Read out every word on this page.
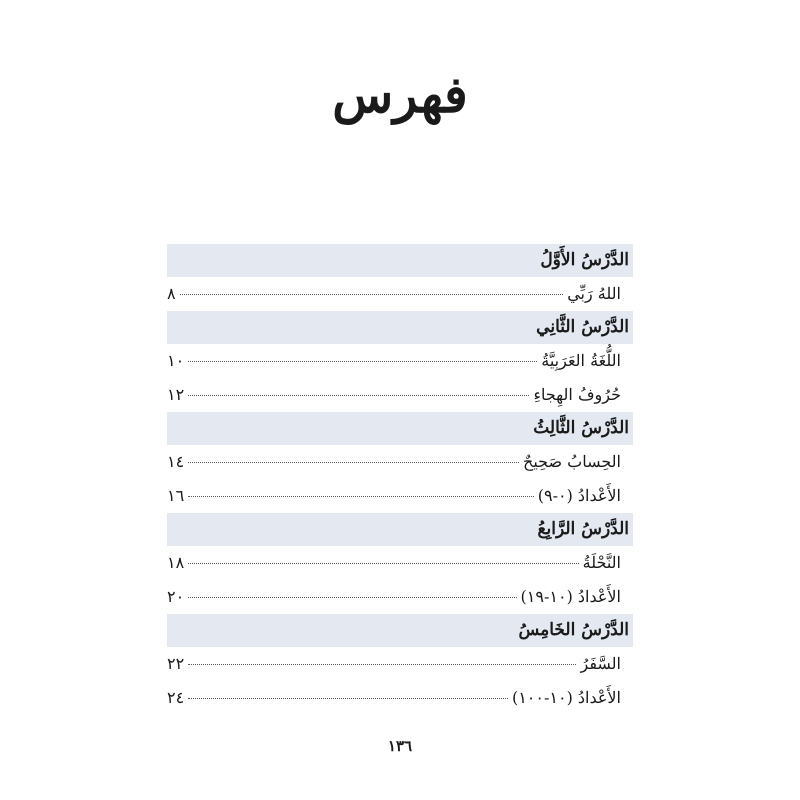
فهرس
الدَّرْسُ الأَوَّلُ
اللهُ رَبِّي
٨
الدَّرْسُ الثَّانِي
اللُّغَةُ العَرَبِيَّةُ
١٠
حُرُوفُ الهِجاءِ
١٢
الدَّرْسُ الثَّالِثُ
الحِسابُ صَحِيحٌ
١٤
الأَعْدادُ (٠-٩)
١٦
الدَّرْسُ الرَّابِعُ
النَّحْلَةُ
١٨
الأَعْدادُ (١٠-١٩)
٢٠
الدَّرْسُ الخَامِسُ
السَّفَرُ
٢٢
الأَعْدادُ (١٠-١٠٠)
٢٤
١٣٦
